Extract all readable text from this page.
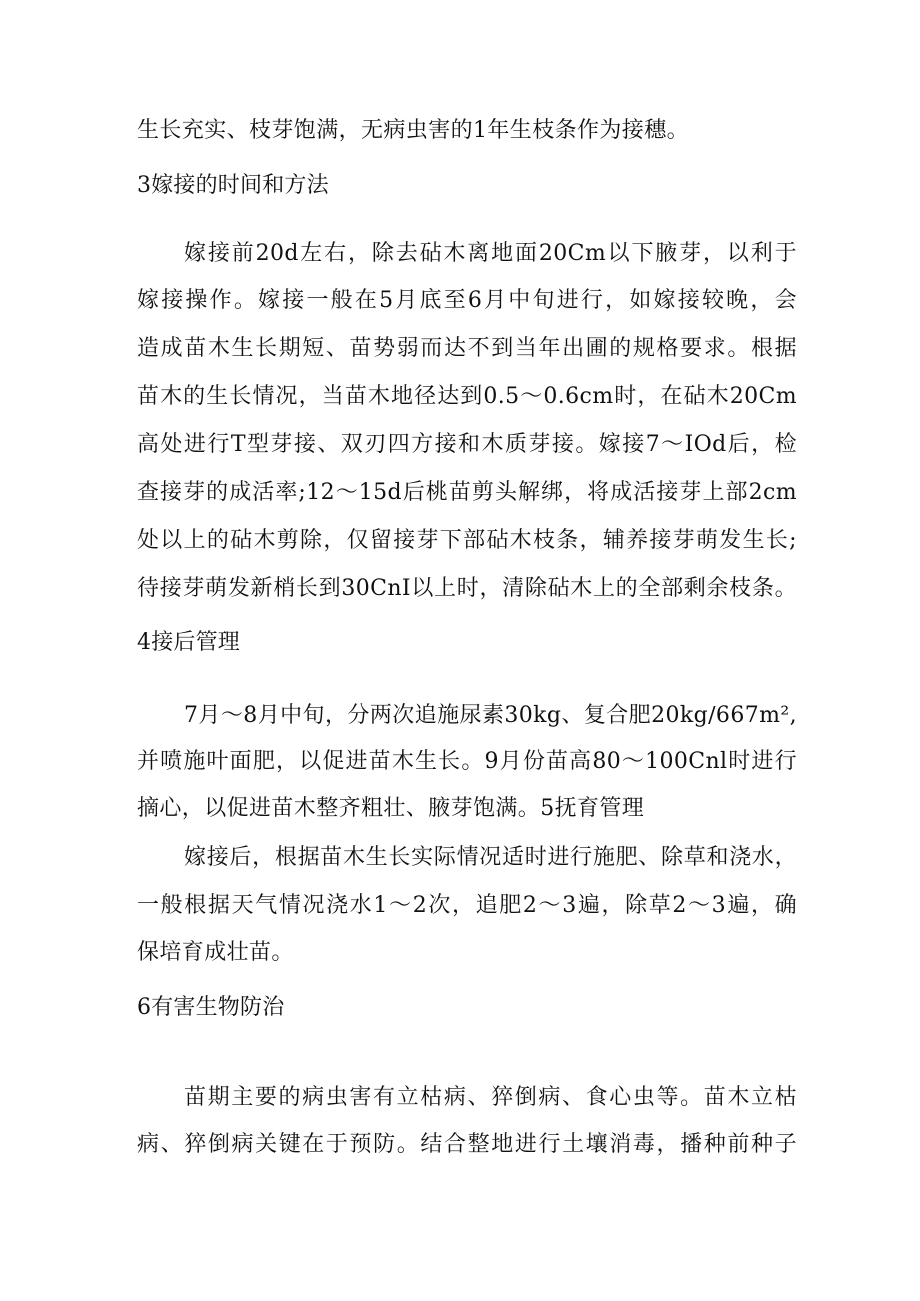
生长充实、枝芽饱满，无病虫害的1年生枝条作为接穗。
3嫁接的时间和方法
嫁接前20d左右，除去砧木离地面20Cm以下腋芽，以利于
嫁接操作。嫁接一般在5月底至6月中旬进行，如嫁接较晚，会
造成苗木生长期短、苗势弱而达不到当年出圃的规格要求。根据
苗木的生长情况，当苗木地径达到0.5～0.6cm时，在砧木20Cm
高处进行T型芽接、双刃四方接和木质芽接。嫁接7～IOd后，检
查接芽的成活率;12～15d后桃苗剪头解绑，将成活接芽上部2cm
处以上的砧木剪除，仅留接芽下部砧木枝条，辅养接芽萌发生长;
待接芽萌发新梢长到30CnI以上时，清除砧木上的全部剩余枝条。
4接后管理
7月～8月中旬，分两次追施尿素30kg、复合肥20kg∕667m²,
并喷施叶面肥，以促进苗木生长。9月份苗高80～100Cnl时进行
摘心，以促进苗木整齐粗壮、腋芽饱满。5抚育管理
嫁接后，根据苗木生长实际情况适时进行施肥、除草和浇水，
一般根据天气情况浇水1～2次，追肥2～3遍，除草2～3遍，确
保培育成壮苗。
6有害生物防治
苗期主要的病虫害有立枯病、猝倒病、食心虫等。苗木立枯
病、猝倒病关键在于预防。结合整地进行土壤消毒，播种前种子
